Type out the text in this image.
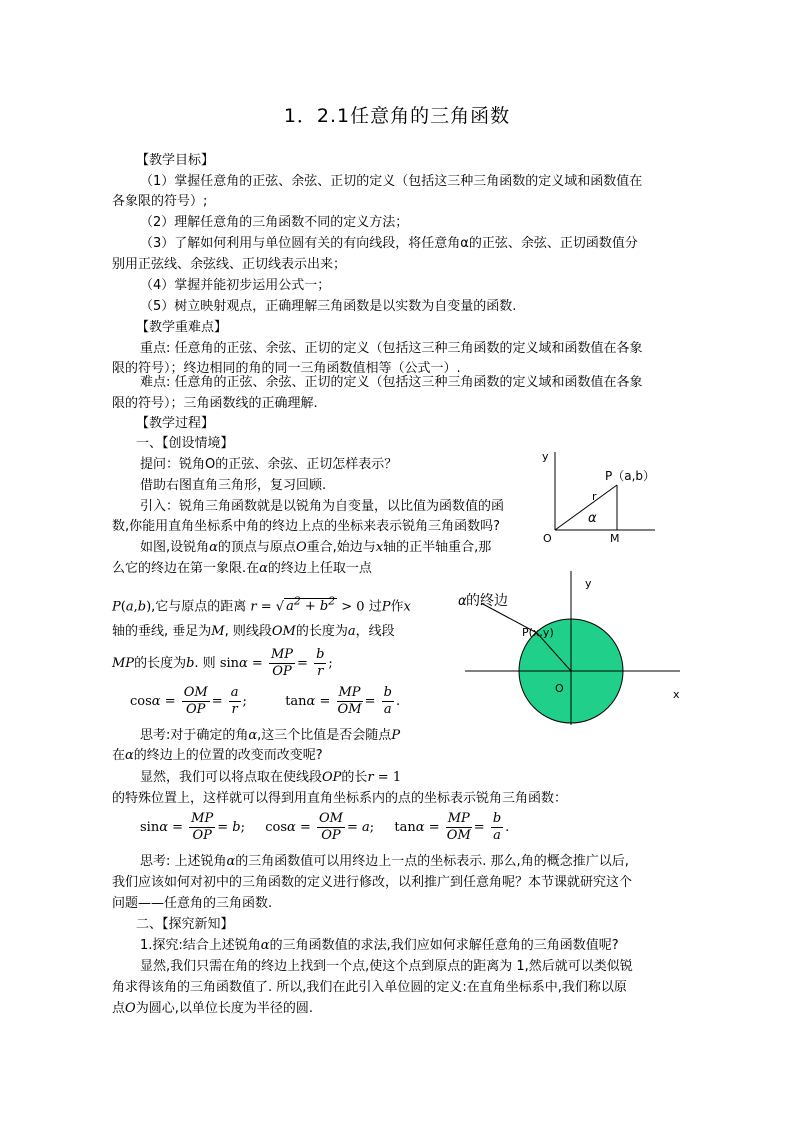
1．2.1任意角的三角函数
【教学目标】
（1）掌握任意角的正弦、余弦、正切的定义（包括这三种三角函数的定义域和函数值在
各象限的符号）;
（2）理解任意角的三角函数不同的定义方法；
（3）了解如何利用与单位圆有关的有向线段，将任意角α的正弦、余弦、正切函数值分
别用正弦线、余弦线、正切线表示出来；
（4）掌握并能初步运用公式一；
（5）树立映射观点，正确理解三角函数是以实数为自变量的函数.
【教学重难点】
重点: 任意角的正弦、余弦、正切的定义（包括这三种三角函数的定义域和函数值在各象
限的符号）；终边相同的角的同一三角函数值相等（公式一）.
难点: 任意角的正弦、余弦、正切的定义（包括这三种三角函数的定义域和函数值在各象
限的符号）；三角函数线的正确理解.
【教学过程】
一、【创设情境】
提问：锐角O的正弦、余弦、正切怎样表示？
借助右图直角三角形，复习回顾.
引入：锐角三角函数就是以锐角为自变量，以比值为函数值的函
数,你能用直角坐标系中角的终边上点的坐标来表示锐角三角函数吗?
如图,设锐角α的顶点与原点O重合,始边与x轴的正半轴重合,那
么它的终边在第一象限.在α的终边上任取一点
P(a,b),它与原点的距离 r = √ $a^2 + b^2 > 0$ 过P作x
轴的垂线, 垂足为M, 则线段OM的长度为a，线段
MP的长度为b. 则 $\sin\alpha = \frac{MP}{OP} = \frac{b}{r}$ ;
$\cos\alpha = \frac{OM}{OP} = \frac{a}{r}$ ;	$\tan\alpha = \frac{MP}{OM} = \frac{b}{a}$ .
思考:对于确定的角α,这三个比值是否会随点P
在α的终边上的位置的改变而改变呢?
显然，我们可以将点取在使线段OP的长r = 1
的特殊位置上，这样就可以得到用直角坐标系内的点的坐标表示锐角三角函数：
$\sin\alpha = \frac{MP}{OP} = b$; $\cos\alpha = \frac{OM}{OP} = a$; $\tan\alpha = \frac{MP}{OM} = \frac{b}{a}$ .
思考: 上述锐角α的三角函数值可以用终边上一点的坐标表示. 那么,角的概念推广以后,
我们应该如何对初中的三角函数的定义进行修改，以利推广到任意角呢？本节课就研究这个
问题——任意角的三角函数.
二、【探究新知】
1.探究:结合上述锐角α的三角函数值的求法,我们应如何求解任意角的三角函数值呢?
显然,我们只需在角的终边上找到一个点,使这个点到原点的距离为 1,然后就可以类似锐
角求得该角的三角函数值了. 所以,我们在此引入单位圆的定义:在直角坐标系中,我们称以原
点O为圆心,以单位长度为半径的圆.
y
P（a,b）
r
α
O	M
y
x
O
P(x,y)
α 的终边
